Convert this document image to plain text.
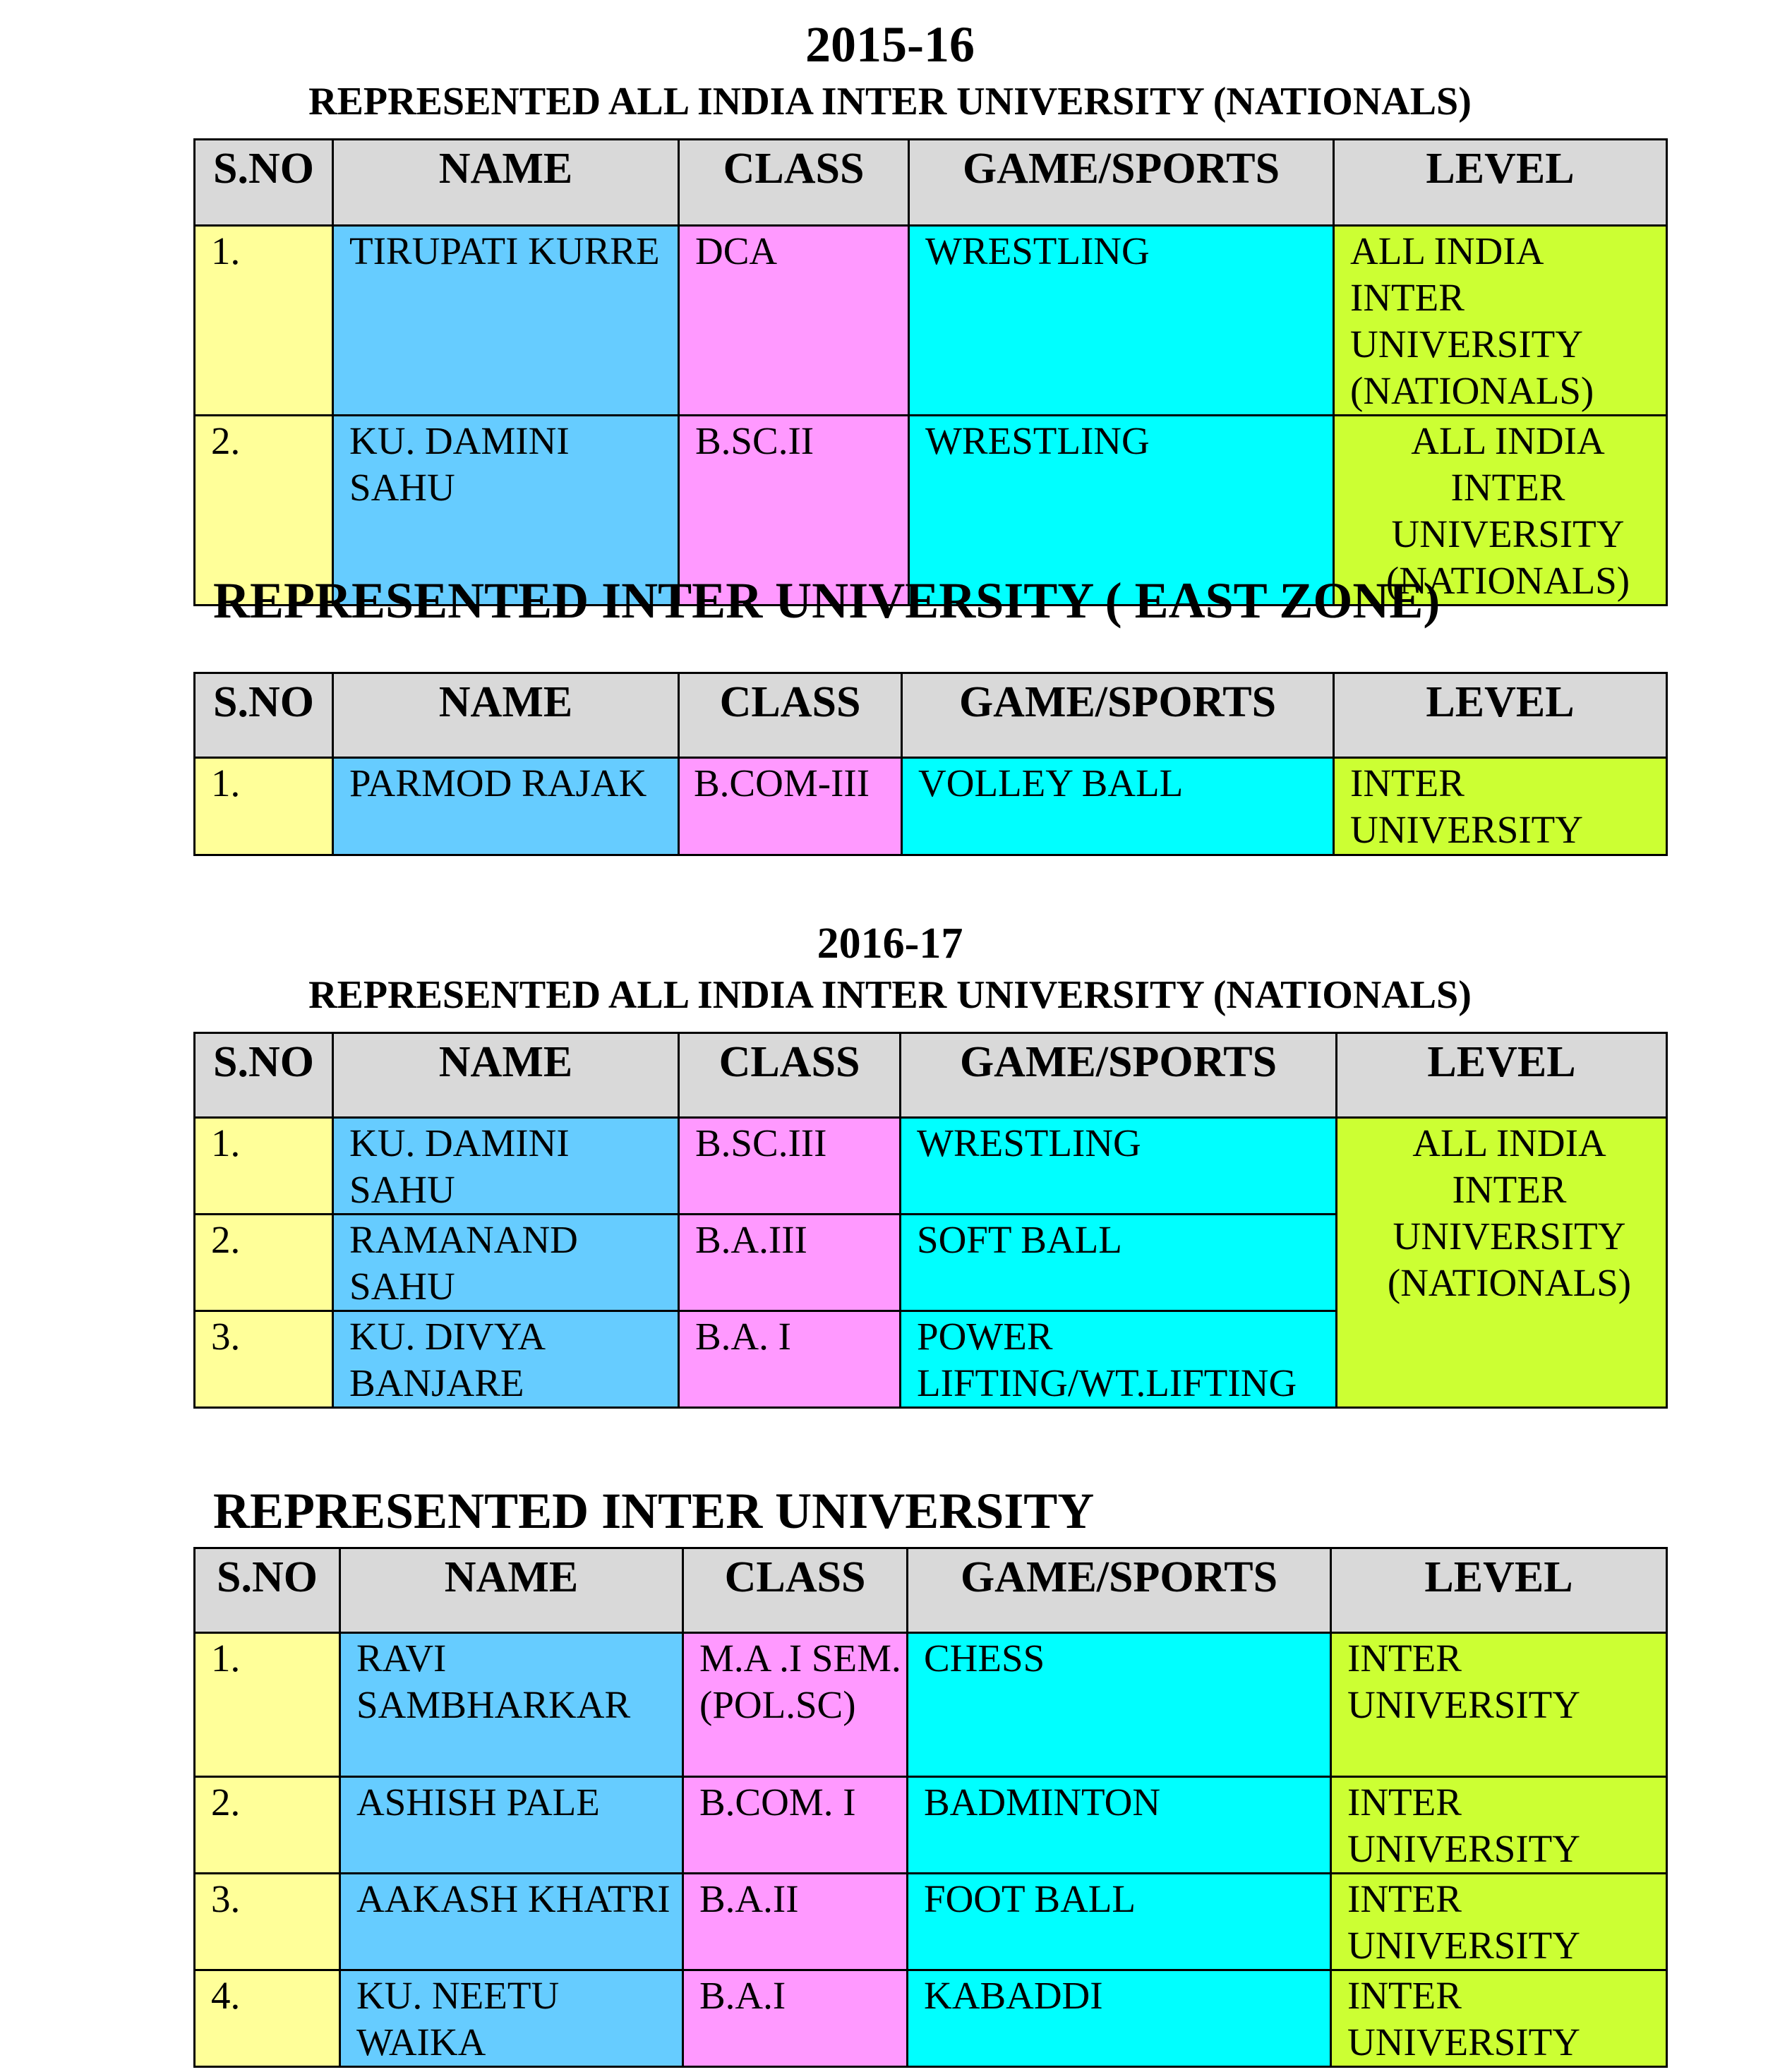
2015-16
REPRESENTED ALL INDIA INTER UNIVERSITY (NATIONALS)
S.NO	NAME	CLASS	GAME/SPORTS	LEVEL
1.	TIRUPATI KURRE	DCA	WRESTLING	ALL INDIA INTER UNIVERSITY (NATIONALS)
2.	KU. DAMINI SAHU	B.SC.II	WRESTLING	ALL INDIA INTER UNIVERSITY (NATIONALS)
REPRESENTED INTER UNIVERSITY ( EAST ZONE)
S.NO	NAME	CLASS	GAME/SPORTS	LEVEL
1.	PARMOD RAJAK	B.COM-III	VOLLEY BALL	INTER UNIVERSITY
2016-17
REPRESENTED ALL INDIA INTER UNIVERSITY (NATIONALS)
S.NO	NAME	CLASS	GAME/SPORTS	LEVEL
1.	KU. DAMINI SAHU	B.SC.III	WRESTLING	ALL INDIA INTER UNIVERSITY (NATIONALS)
2.	RAMANAND SAHU	B.A.III	SOFT BALL	
3.	KU. DIVYA BANJARE	B.A. I	POWER LIFTING/WT.LIFTING	
REPRESENTED INTER UNIVERSITY
S.NO	NAME	CLASS	GAME/SPORTS	LEVEL
1.	RAVI SAMBHARKAR	M.A .I SEM. (POL.SC)	CHESS	INTER UNIVERSITY
2.	ASHISH PALE	B.COM. I	BADMINTON	INTER UNIVERSITY
3.	AAKASH KHATRI	B.A.II	FOOT BALL	INTER UNIVERSITY
4.	KU. NEETU WAIKA	B.A.I	KABADDI	INTER UNIVERSITY
